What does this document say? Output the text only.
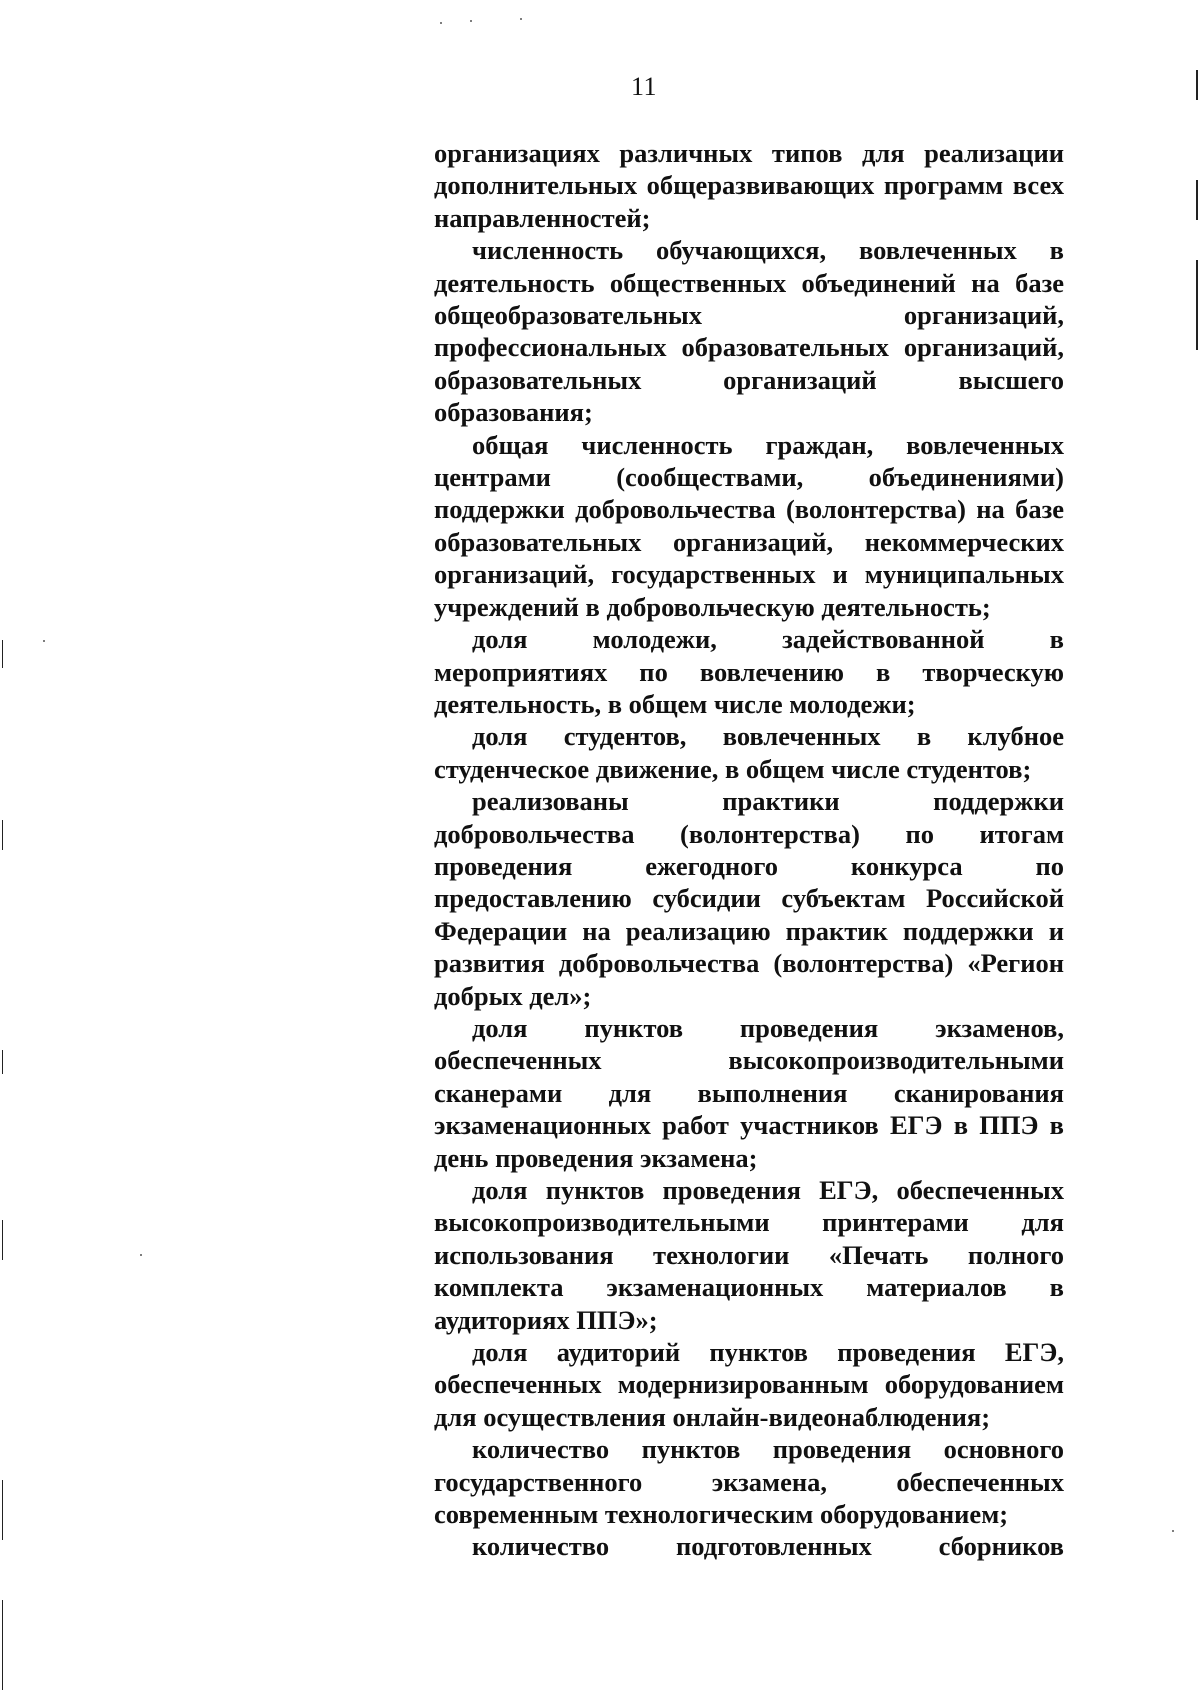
11

организациях различных типов для реализации дополнительных общеразвивающих программ всех направленностей;

численность обучающихся, вовлеченных в деятельность общественных объединений на базе общеобразовательных организаций, профессиональных образовательных организаций, образовательных организаций высшего образования;

общая численность граждан, вовлеченных центрами (сообществами, объединениями) поддержки добровольчества (волонтерства) на базе образовательных организаций, некоммерческих организаций, государственных и муниципальных учреждений в добровольческую деятельность;

доля молодежи, задействованной в мероприятиях по вовлечению в творческую деятельность, в общем числе молодежи;

доля студентов, вовлеченных в клубное студенческое движение, в общем числе студентов;

реализованы практики поддержки добровольчества (волонтерства) по итогам проведения ежегодного конкурса по предоставлению субсидии субъектам Российской Федерации на реализацию практик поддержки и развития добровольчества (волонтерства) «Регион добрых дел»;

доля пунктов проведения экзаменов, обеспеченных высокопроизводительными сканерами для выполнения сканирования экзаменационных работ участников ЕГЭ в ППЭ в день проведения экзамена;

доля пунктов проведения ЕГЭ, обеспеченных высокопроизводительными принтерами для использования технологии «Печать полного комплекта экзаменационных материалов в аудиториях ППЭ»;

доля аудиторий пунктов проведения ЕГЭ, обеспеченных модернизированным оборудованием для осуществления онлайн-видеонаблюдения;

количество пунктов проведения основного государственного экзамена, обеспеченных современным технологическим оборудованием;

количество подготовленных сборников
